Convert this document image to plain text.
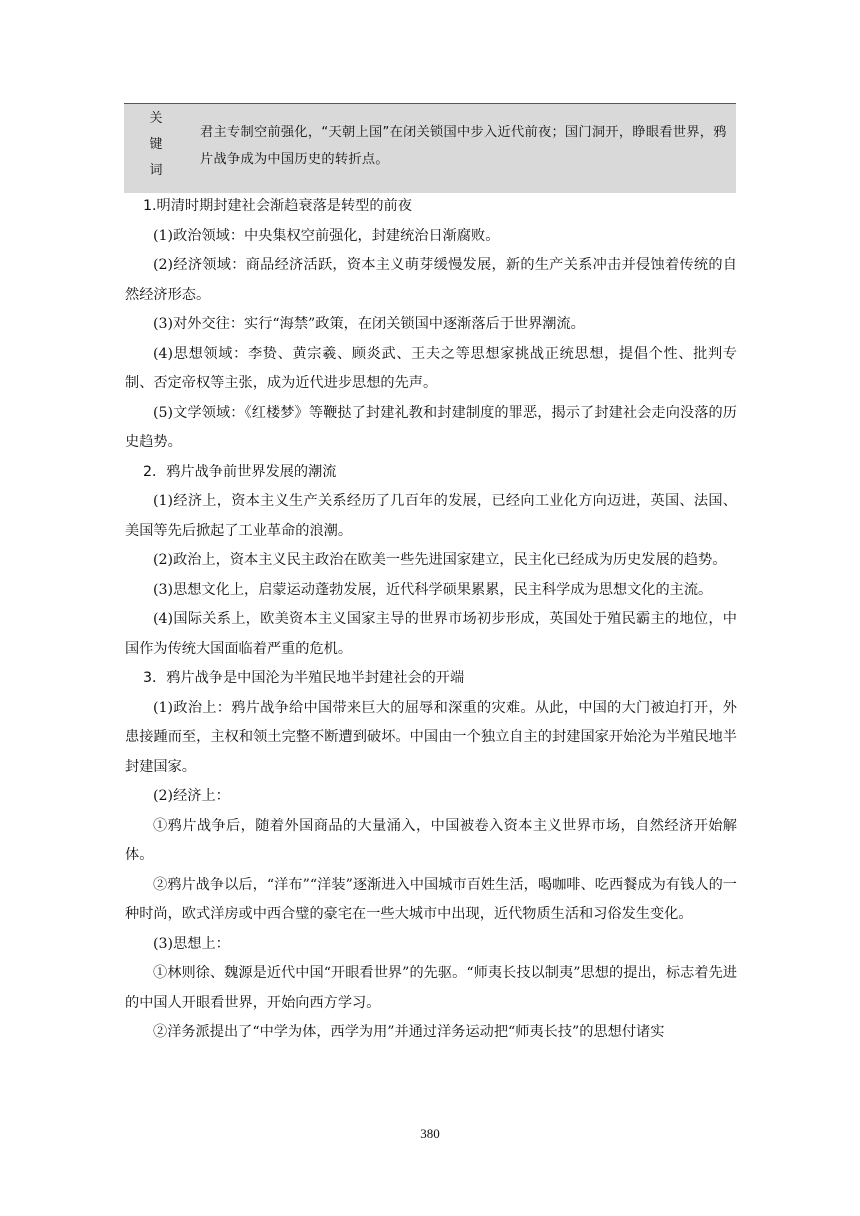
关
键
词
君主专制空前强化，“天朝上国”在闭关锁国中步入近代前夜；国门洞开，睁眼看世界，鸦片战争成为中国历史的转折点。

1.明清时期封建社会渐趋衰落是转型的前夜

(1)政治领域：中央集权空前强化，封建统治日渐腐败。

(2)经济领域：商品经济活跃，资本主义萌芽缓慢发展，新的生产关系冲击并侵蚀着传统的自然经济形态。

(3)对外交往：实行“海禁”政策，在闭关锁国中逐渐落后于世界潮流。

(4)思想领域：李贽、黄宗羲、顾炎武、王夫之等思想家挑战正统思想，提倡个性、批判专制、否定帝权等主张，成为近代进步思想的先声。

(5)文学领域：《红楼梦》等鞭挞了封建礼教和封建制度的罪恶，揭示了封建社会走向没落的历史趋势。

2．鸦片战争前世界发展的潮流

(1)经济上，资本主义生产关系经历了几百年的发展，已经向工业化方向迈进，英国、法国、美国等先后掀起了工业革命的浪潮。

(2)政治上，资本主义民主政治在欧美一些先进国家建立，民主化已经成为历史发展的趋势。

(3)思想文化上，启蒙运动蓬勃发展，近代科学硕果累累，民主科学成为思想文化的主流。

(4)国际关系上，欧美资本主义国家主导的世界市场初步形成，英国处于殖民霸主的地位，中国作为传统大国面临着严重的危机。

3．鸦片战争是中国沦为半殖民地半封建社会的开端

(1)政治上：鸦片战争给中国带来巨大的屈辱和深重的灾难。从此，中国的大门被迫打开，外患接踵而至，主权和领土完整不断遭到破坏。中国由一个独立自主的封建国家开始沦为半殖民地半封建国家。

(2)经济上：

①鸦片战争后，随着外国商品的大量涌入，中国被卷入资本主义世界市场，自然经济开始解体。

②鸦片战争以后，“洋布”“洋装”逐渐进入中国城市百姓生活，喝咖啡、吃西餐成为有钱人的一种时尚，欧式洋房或中西合璧的豪宅在一些大城市中出现，近代物质生活和习俗发生变化。

(3)思想上：

①林则徐、魏源是近代中国“开眼看世界”的先驱。“师夷长技以制夷”思想的提出，标志着先进的中国人开眼看世界，开始向西方学习。

②洋务派提出了“中学为体，西学为用”并通过洋务运动把“师夷长技”的思想付诸实

380
